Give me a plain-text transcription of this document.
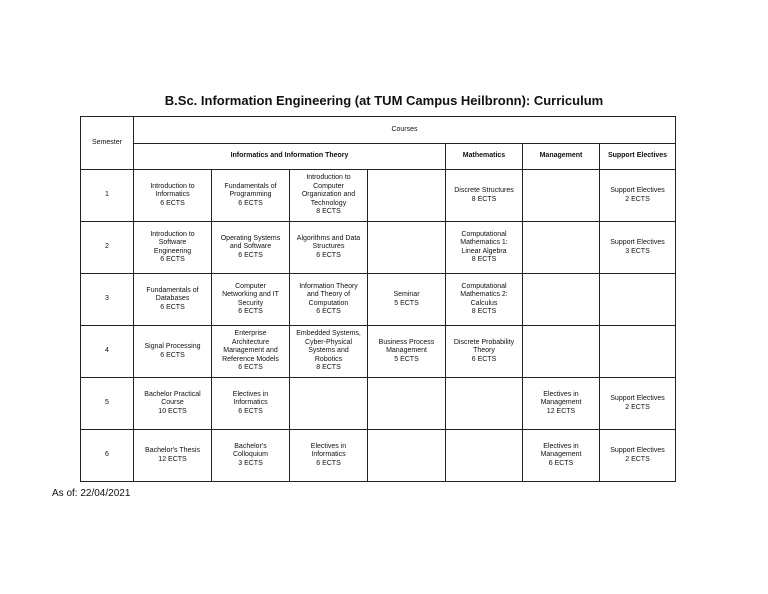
B.Sc. Information Engineering (at TUM Campus Heilbronn): Curriculum
Semester	Courses						
	Informatics and Information Theory				Mathematics	Management	Support Electives
1	Introduction to
Informatics
6 ECTS	Fundamentals of
Programming
6 ECTS	Introduction to
Computer
Organization and
Technology
8 ECTS		Discrete Structures
8 ECTS		Support Electives
2 ECTS

2	Introduction to
Software
Engineering
6 ECTS	Operating Systems
and Software
6 ECTS	Algorithms and Data
Structures
6 ECTS		Computational
Mathematics 1:
Linear Algebra
8 ECTS		Support Electives
3 ECTS

3	Fundamentals of
Databases
6 ECTS	Computer
Networking and IT
Security
6 ECTS	Information Theory
and Theory of
Computation
6 ECTS	Seminar
5 ECTS	Computational
Mathematics 2:
Calculus
8 ECTS		

4	Signal Processing
6 ECTS	Enterprise
Architecture
Management and
Reference Models
6 ECTS	Embedded Systems,
Cyber-Physical
Systems and
Robotics
8 ECTS	Business Process
Management
5 ECTS	Discrete Probability
Theory
6 ECTS		

5	Bachelor Practical
Course
10 ECTS	Electives in
Informatics
6 ECTS				Electives in
Management
12 ECTS	Support Electives
2 ECTS

6	Bachelor's Thesis
12 ECTS	Bachelor's
Colloquium
3 ECTS	Electives in
Informatics
6 ECTS			Electives in
Management
6 ECTS	Support Electives
2 ECTS
As of: 22/04/2021
